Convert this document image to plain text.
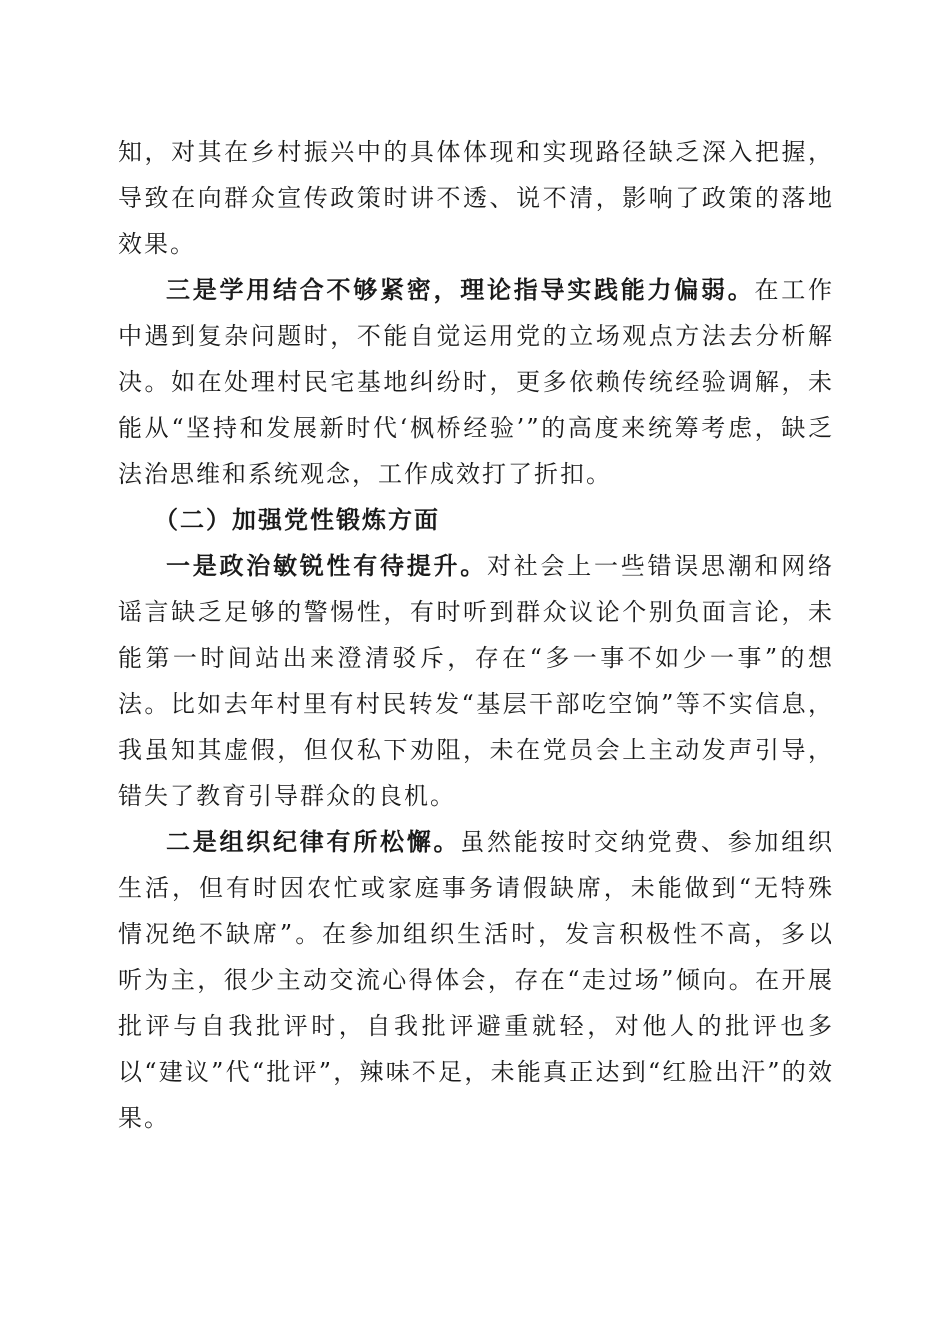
知，对其在乡村振兴中的具体体现和实现路径缺乏深入把握，导致在向群众宣传政策时讲不透、说不清，影响了政策的落地效果。

三是学用结合不够紧密，理论指导实践能力偏弱。在工作中遇到复杂问题时，不能自觉运用党的立场观点方法去分析解决。如在处理村民宅基地纠纷时，更多依赖传统经验调解，未能从“坚持和发展新时代‘枫桥经验’”的高度来统筹考虑，缺乏法治思维和系统观念，工作成效打了折扣。

（二）加强党性锻炼方面

一是政治敏锐性有待提升。对社会上一些错误思潮和网络谣言缺乏足够的警惕性，有时听到群众议论个别负面言论，未能第一时间站出来澄清驳斥，存在“多一事不如少一事”的想法。比如去年村里有村民转发“基层干部吃空饷”等不实信息，我虽知其虚假，但仅私下劝阻，未在党员会上主动发声引导，错失了教育引导群众的良机。

二是组织纪律有所松懈。虽然能按时交纳党费、参加组织生活，但有时因农忙或家庭事务请假缺席，未能做到“无特殊情况绝不缺席”。在参加组织生活时，发言积极性不高，多以听为主，很少主动交流心得体会，存在“走过场”倾向。在开展批评与自我批评时，自我批评避重就轻，对他人的批评也多以“建议”代“批评”，辣味不足，未能真正达到“红脸出汗”的效果。
